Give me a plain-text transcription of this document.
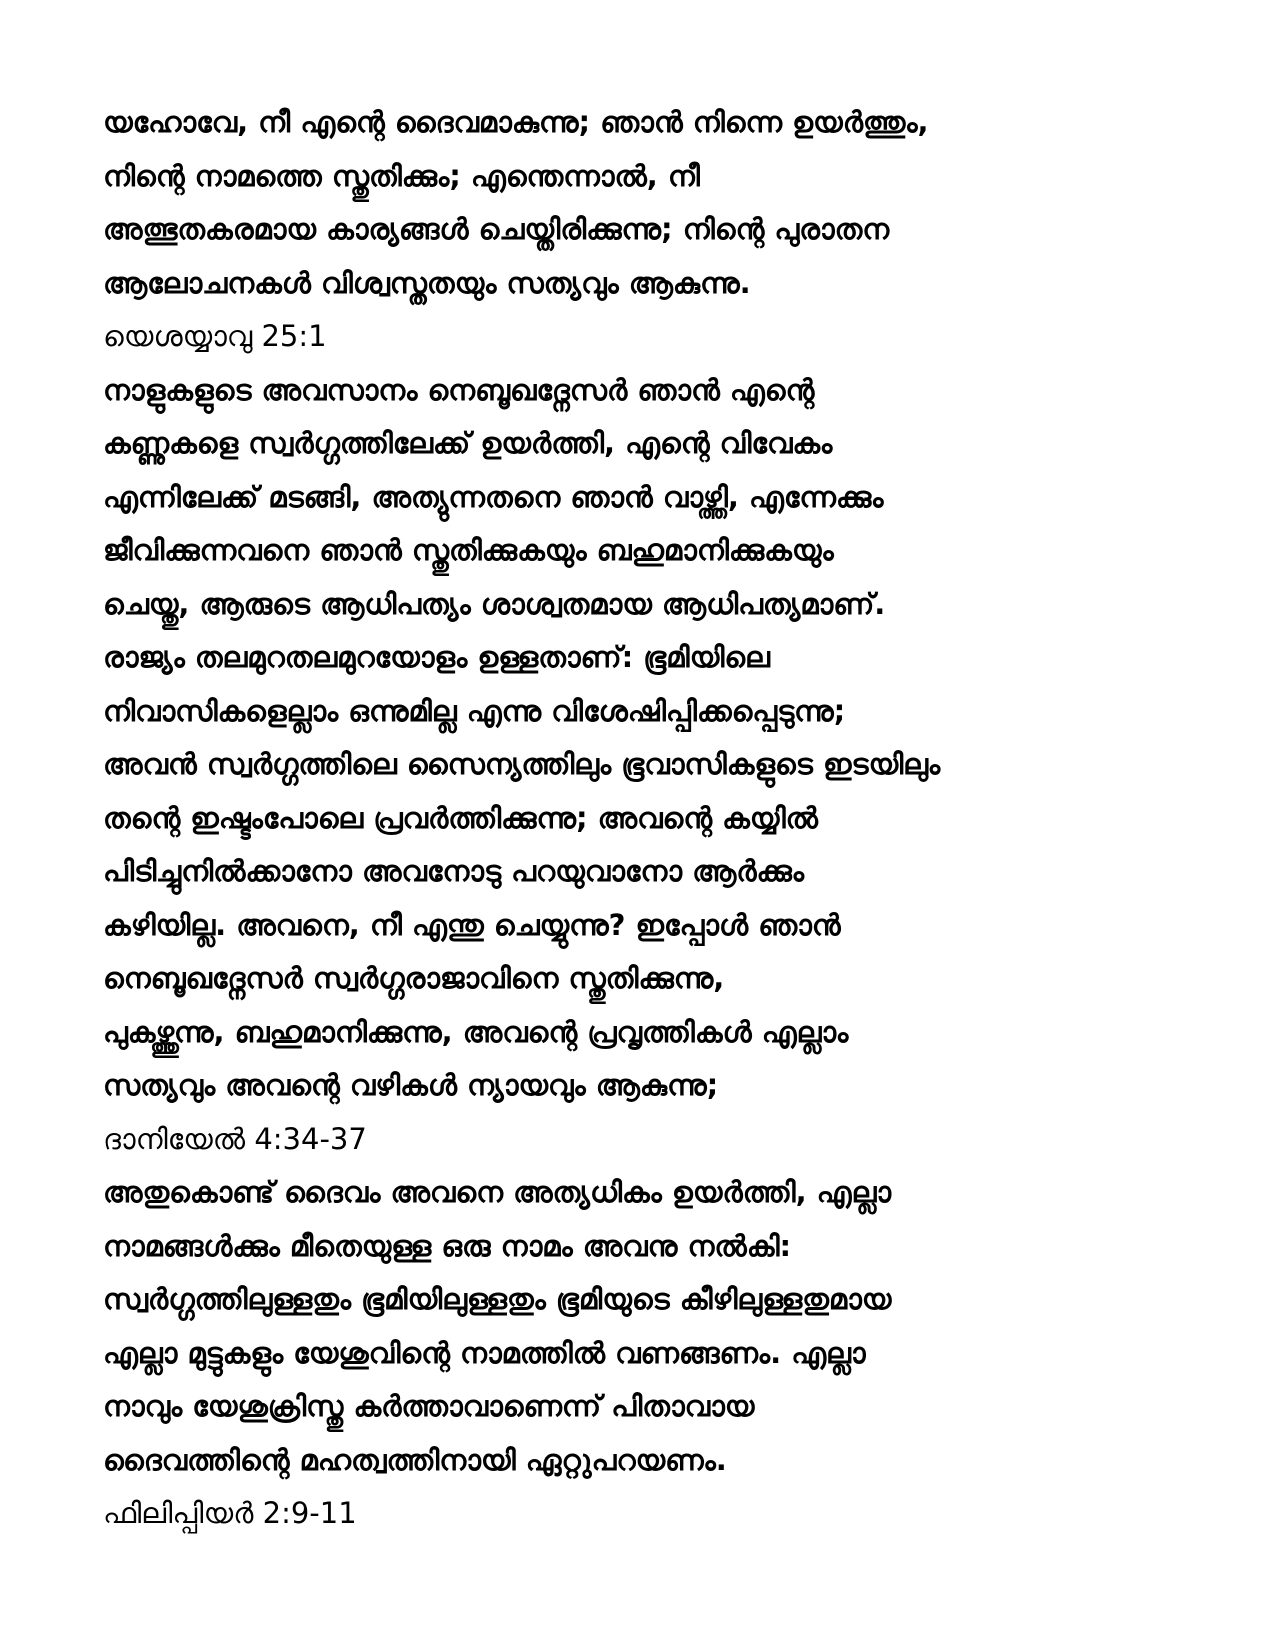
യഹോവേ, നീ എന്റെ ദൈവമാകുന്നു; ഞാൻ നിന്നെ ഉയർത്തും,
നിന്റെ നാമത്തെ സ്തുതിക്കും; എന്തെന്നാൽ, നീ
അത്ഭുതകരമായ കാര്യങ്ങൾ ചെയ്തിരിക്കുന്നു; നിന്റെ പുരാതന
ആലോചനകൾ വിശ്വസ്തതയും സത്യവും ആകുന്നു.
യെശയ്യാവു 25:1
നാളുകളുടെ അവസാനം നെബൂഖദ്നേസർ ഞാൻ എന്റെ
കണ്ണുകളെ സ്വർഗ്ഗത്തിലേക്ക് ഉയർത്തി, എന്റെ വിവേകം
എന്നിലേക്ക് മടങ്ങി, അത്യുന്നതനെ ഞാൻ വാഴ്ത്തി, എന്നേക്കും
ജീവിക്കുന്നവനെ ഞാൻ സ്തുതിക്കുകയും ബഹുമാനിക്കുകയും
ചെയ്തു, ആരുടെ ആധിപത്യം ശാശ്വതമായ ആധിപത്യമാണ്.
രാജ്യം തലമുറതലമുറയോളം ഉള്ളതാണ്: ഭൂമിയിലെ
നിവാസികളെല്ലാം ഒന്നുമില്ല എന്നു വിശേഷിപ്പിക്കപ്പെടുന്നു;
അവൻ സ്വർഗ്ഗത്തിലെ സൈന്യത്തിലും ഭൂവാസികളുടെ ഇടയിലും
തന്റെ ഇഷ്ടംപോലെ പ്രവർത്തിക്കുന്നു; അവന്റെ കയ്യിൽ
പിടിച്ചുനിൽക്കാനോ അവനോടു പറയുവാനോ ആർക്കും
കഴിയില്ല. അവനെ, നീ എന്തു ചെയ്യുന്നു? ഇപ്പോൾ ഞാൻ
നെബൂഖദ്നേസർ സ്വർഗ്ഗരാജാവിനെ സ്തുതിക്കുന്നു,
പുകഴ്ത്തുന്നു, ബഹുമാനിക്കുന്നു, അവന്റെ പ്രവൃത്തികൾ എല്ലാം
സത്യവും അവന്റെ വഴികൾ ന്യായവും ആകുന്നു;
ദാനിയേൽ 4:34-37
അതുകൊണ്ട് ദൈവം അവനെ അത്യധികം ഉയർത്തി, എല്ലാ
നാമങ്ങൾക്കും മീതെയുള്ള ഒരു നാമം അവനു നൽകി:
സ്വർഗ്ഗത്തിലുള്ളതും ഭൂമിയിലുള്ളതും ഭൂമിയുടെ കീഴിലുള്ളതുമായ
എല്ലാ മുട്ടുകളും യേശുവിന്റെ നാമത്തിൽ വണങ്ങണം. എല്ലാ
നാവും യേശുക്രിസ്തു കർത്താവാണെന്ന് പിതാവായ
ദൈവത്തിന്റെ മഹത്വത്തിനായി ഏറ്റുപറയണം.
ഫിലിപ്പിയർ 2:9-11
